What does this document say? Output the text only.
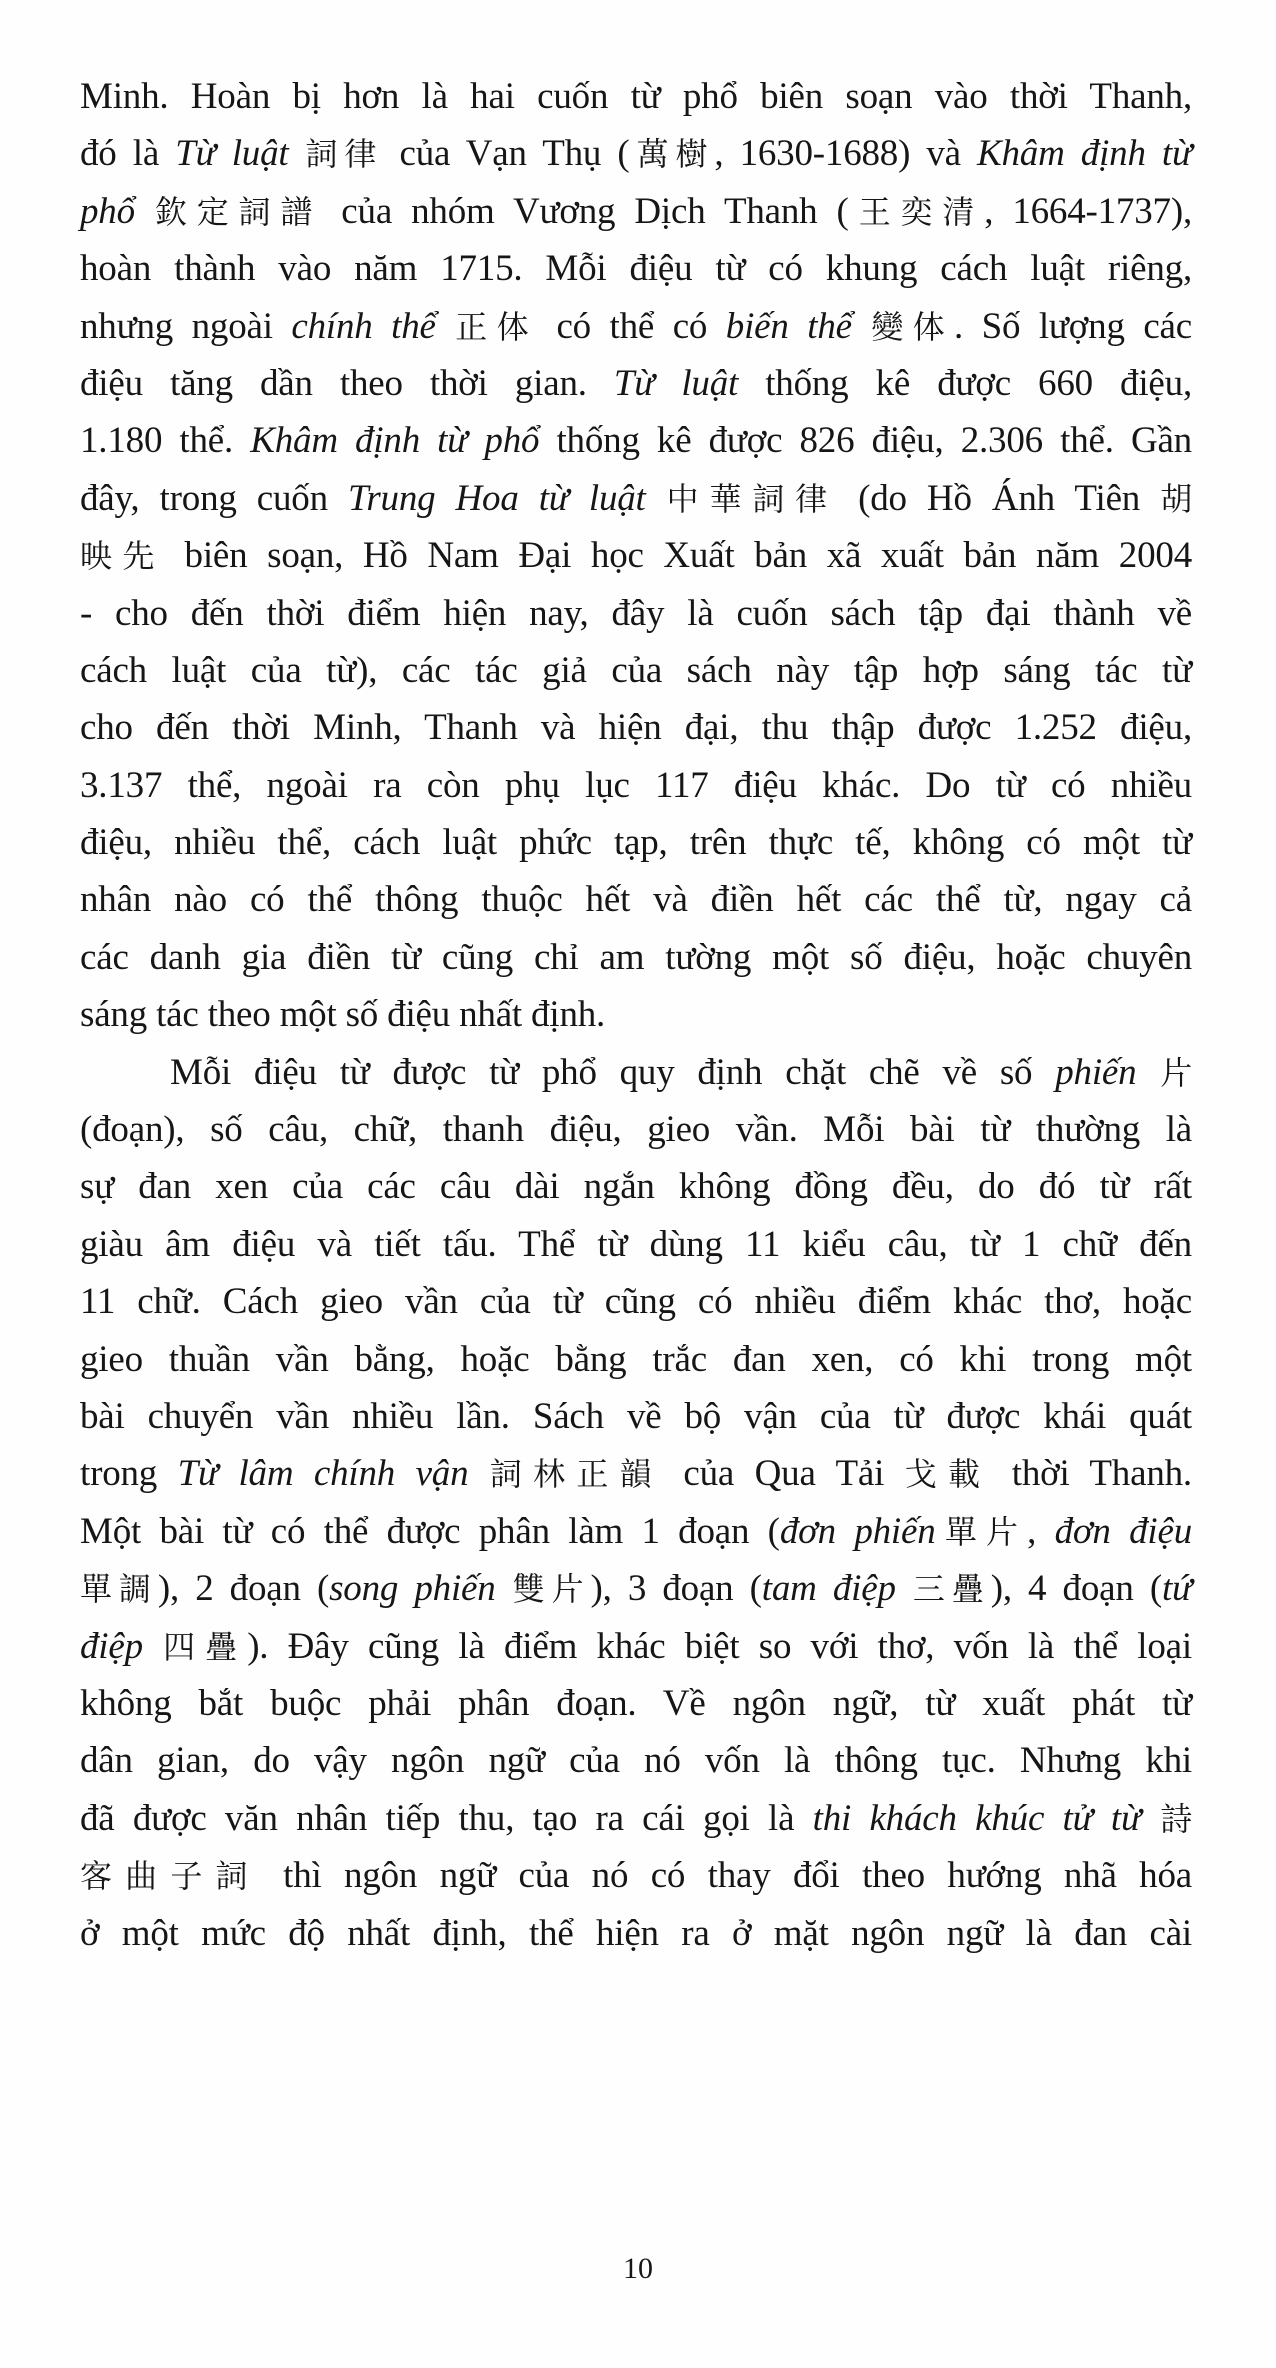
Minh. Hoàn bị hơn là hai cuốn từ phổ biên soạn vào thời Thanh,
đó là Từ luật 詞律 của Vạn Thụ (萬樹, 1630-1688) và Khâm định từ
phổ 欽定詞譜 của nhóm Vương Dịch Thanh (王奕清, 1664-1737),
hoàn thành vào năm 1715. Mỗi điệu từ có khung cách luật riêng,
nhưng ngoài chính thể 正体 có thể có biến thể 變体. Số lượng các
điệu tăng dần theo thời gian. Từ luật thống kê được 660 điệu,
1.180 thể. Khâm định từ phổ thống kê được 826 điệu, 2.306 thể. Gần
đây, trong cuốn Trung Hoa từ luật 中華詞律 (do Hồ Ánh Tiên 胡
映先 biên soạn, Hồ Nam Đại học Xuất bản xã xuất bản năm 2004
- cho đến thời điểm hiện nay, đây là cuốn sách tập đại thành về
cách luật của từ), các tác giả của sách này tập hợp sáng tác từ
cho đến thời Minh, Thanh và hiện đại, thu thập được 1.252 điệu,
3.137 thể, ngoài ra còn phụ lục 117 điệu khác. Do từ có nhiều
điệu, nhiều thể, cách luật phức tạp, trên thực tế, không có một từ
nhân nào có thể thông thuộc hết và điền hết các thể từ, ngay cả
các danh gia điền từ cũng chỉ am tường một số điệu, hoặc chuyên
sáng tác theo một số điệu nhất định.
Mỗi điệu từ được từ phổ quy định chặt chẽ về số phiến 片
(đoạn), số câu, chữ, thanh điệu, gieo vần. Mỗi bài từ thường là
sự đan xen của các câu dài ngắn không đồng đều, do đó từ rất
giàu âm điệu và tiết tấu. Thể từ dùng 11 kiểu câu, từ 1 chữ đến
11 chữ. Cách gieo vần của từ cũng có nhiều điểm khác thơ, hoặc
gieo thuần vần bằng, hoặc bằng trắc đan xen, có khi trong một
bài chuyển vần nhiều lần. Sách về bộ vận của từ được khái quát
trong Từ lâm chính vận 詞林正韻 của Qua Tải 戈載 thời Thanh.
Một bài từ có thể được phân làm 1 đoạn (đơn phiến單片, đơn điệu
單調), 2 đoạn (song phiến 雙片), 3 đoạn (tam điệp 三疊), 4 đoạn (tứ
điệp 四疊). Đây cũng là điểm khác biệt so với thơ, vốn là thể loại
không bắt buộc phải phân đoạn. Về ngôn ngữ, từ xuất phát từ
dân gian, do vậy ngôn ngữ của nó vốn là thông tục. Nhưng khi
đã được văn nhân tiếp thu, tạo ra cái gọi là thi khách khúc tử từ 詩
客曲子詞 thì ngôn ngữ của nó có thay đổi theo hướng nhã hóa
ở một mức độ nhất định, thể hiện ra ở mặt ngôn ngữ là đan cài
10
